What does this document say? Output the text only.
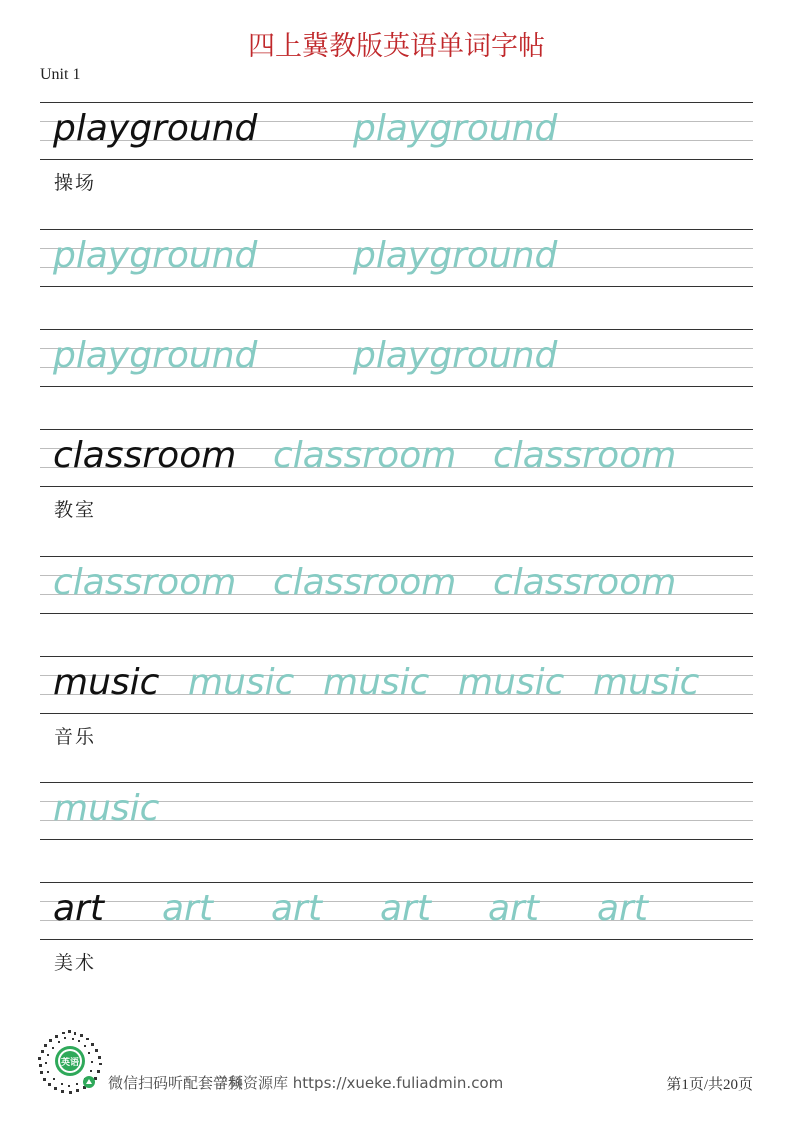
四上冀教版英语单词字帖
Unit 1
playground	playground
操场
playground	playground
playground	playground
classroom classroom classroom
教室
classroom classroom classroom
music music music music music
音乐
music
art art art art art art
美术
英语
微信扫码听配套音频学科资源库 https://xueke.fuliadmin.com	第1页/共20页
